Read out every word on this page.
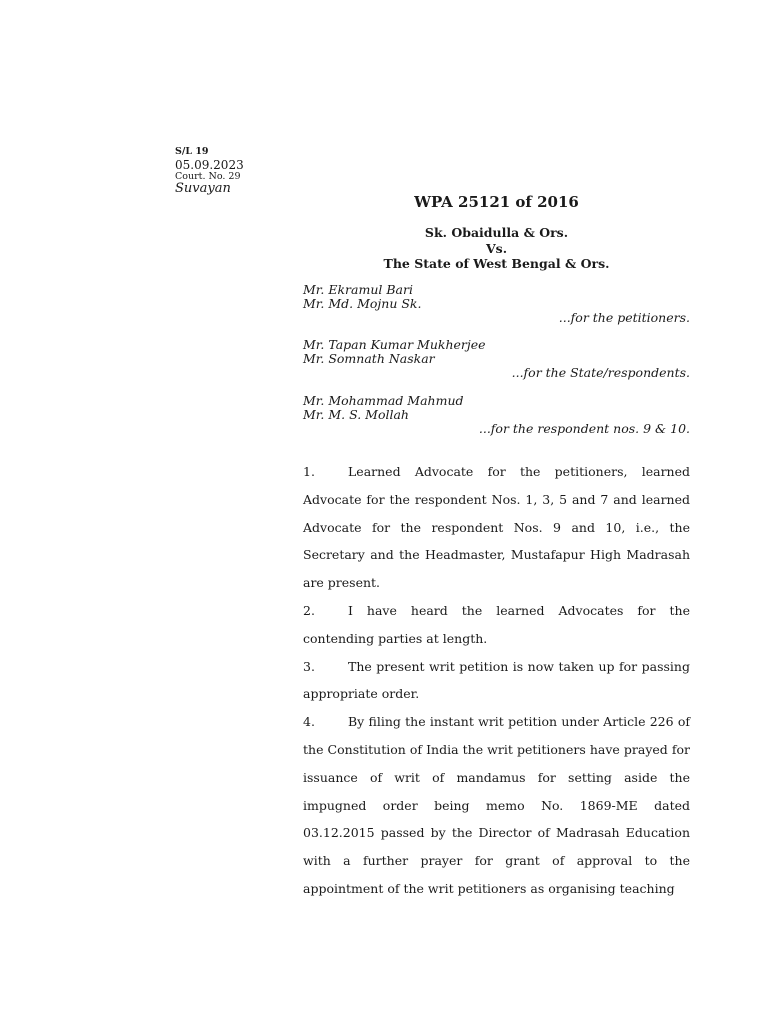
S/L 19
05.09.2023
Court. No. 29
Suvayan
WPA 25121 of 2016
Sk. Obaidulla & Ors.
Vs.
The State of West Bengal & Ors.
Mr. Ekramul Bari
Mr. Md. Mojnu Sk.
...for the petitioners.
Mr. Tapan Kumar Mukherjee
Mr. Somnath Naskar
...for the State/respondents.
Mr. Mohammad Mahmud
Mr. M. S. Mollah
...for the respondent nos. 9 & 10.

1.	Learned Advocate for the petitioners, learned Advocate for the respondent Nos. 1, 3, 5 and 7 and learned Advocate for the respondent Nos. 9 and 10, i.e., the Secretary and the Headmaster, Mustafapur High Madrasah are present.

2.	I have heard the learned Advocates for the contending parties at length.

3.	The present writ petition is now taken up for passing appropriate order.

4.	By filing the instant writ petition under Article 226 of the Constitution of India the writ petitioners have prayed for issuance of writ of mandamus for setting aside the impugned order being memo No. 1869-ME dated 03.12.2015 passed by the Director of Madrasah Education with a further prayer for grant of approval to the appointment of the writ petitioners as organising teaching
